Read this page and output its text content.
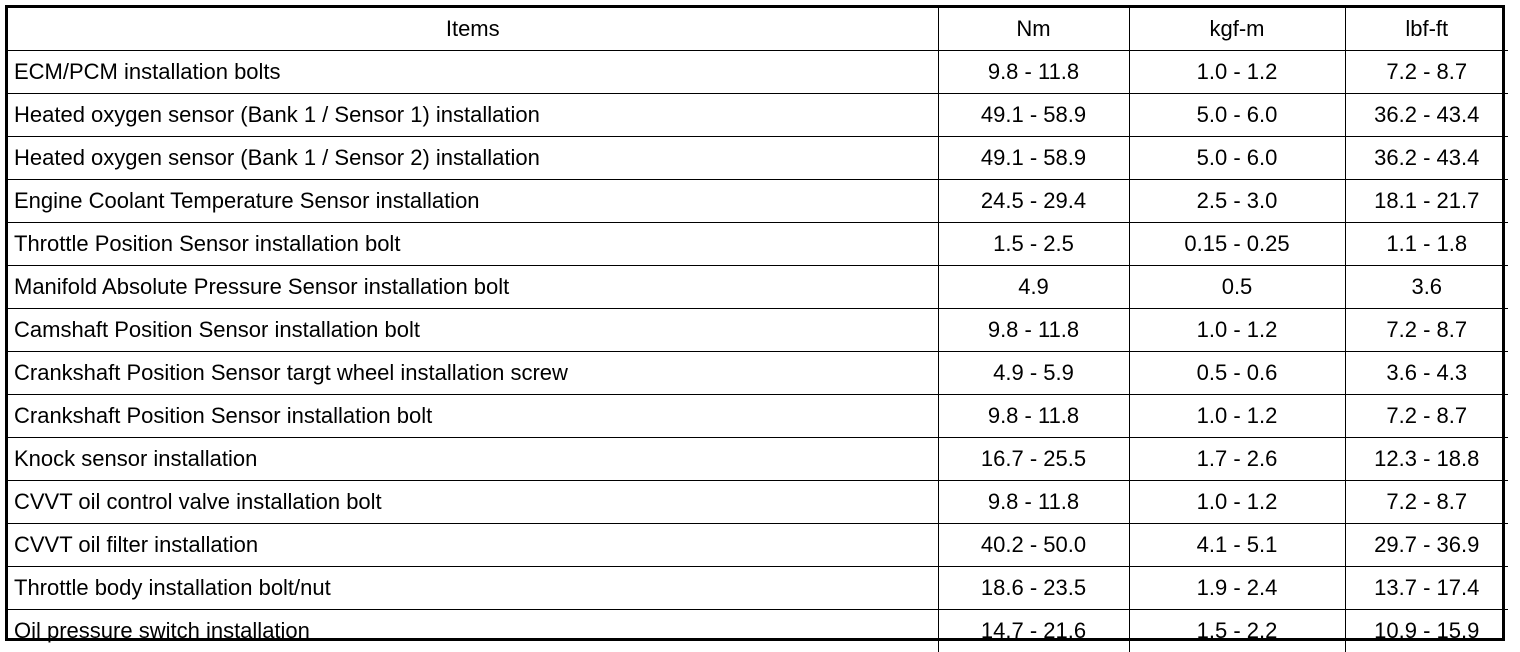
Items	Nm	kgf-m	lbf-ft
ECM/PCM installation bolts	9.8 - 11.8	1.0 - 1.2	7.2 - 8.7
Heated oxygen sensor (Bank 1 / Sensor 1) installation	49.1 - 58.9	5.0 - 6.0	36.2 - 43.4
Heated oxygen sensor (Bank 1 / Sensor 2) installation	49.1 - 58.9	5.0 - 6.0	36.2 - 43.4
Engine Coolant Temperature Sensor installation	24.5 - 29.4	2.5 - 3.0	18.1 - 21.7
Throttle Position Sensor installation bolt	1.5 - 2.5	0.15 - 0.25	1.1 - 1.8
Manifold Absolute Pressure Sensor installation bolt	4.9	0.5	3.6
Camshaft Position Sensor installation bolt	9.8 - 11.8	1.0 - 1.2	7.2 - 8.7
Crankshaft Position Sensor targt wheel installation screw	4.9 - 5.9	0.5 - 0.6	3.6 - 4.3
Crankshaft Position Sensor installation bolt	9.8 - 11.8	1.0 - 1.2	7.2 - 8.7
Knock sensor installation	16.7 - 25.5	1.7 - 2.6	12.3 - 18.8
CVVT oil control valve installation bolt	9.8 - 11.8	1.0 - 1.2	7.2 - 8.7
CVVT oil filter installation	40.2 - 50.0	4.1 - 5.1	29.7 - 36.9
Throttle body installation bolt/nut	18.6 - 23.5	1.9 - 2.4	13.7 - 17.4
Oil pressure switch installation	14.7 - 21.6	1.5 - 2.2	10.9 - 15.9
